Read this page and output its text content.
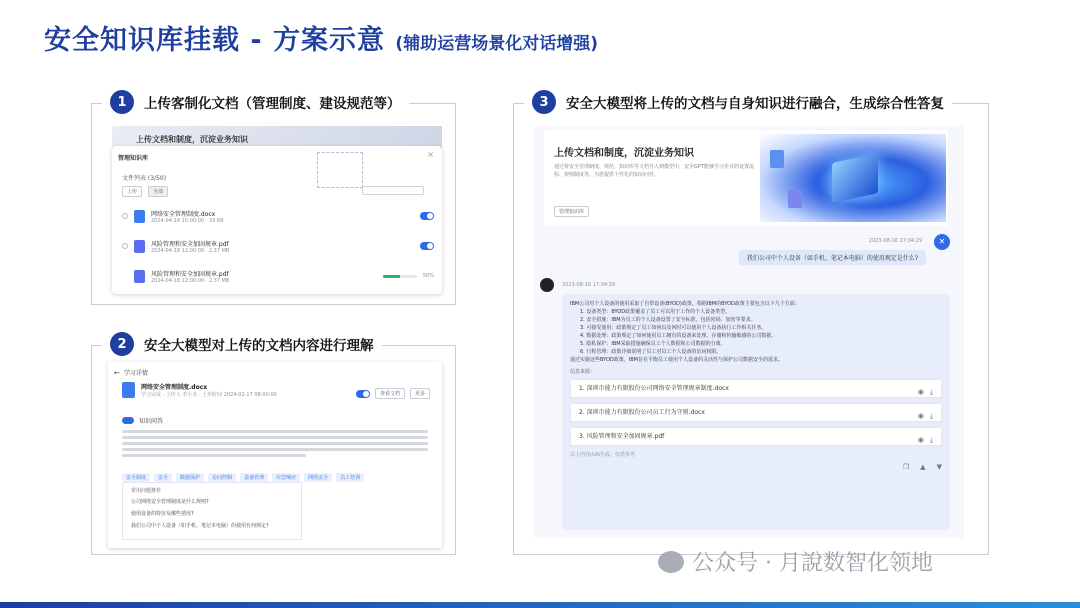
安全知识库挂载 - 方案示意 (辅助运营场景化对话增强)
1	上传客制化文档（管理制度、建设规范等）
上传文档和制度，沉淀业务知识
管理知识库	×
文件列表 (3/50)
上传	全部
网络安全管理制度.docx
2024-04-18 15:00:00 · 33 KB
风险管理和安全加固规章.pdf
2024-04-18 12:00:00 · 2.37 MB
风险管理和安全加固规章.pdf
2024-04-18 12:00:00 · 2.37 MB
50%
2	安全大模型对上传的文档内容进行理解
← 学习详情
网络安全管理制度.docx
学习完成 · 上传人 李小名 · 上传时间 2024-02-17 08:00:00	查看文档	更多
知识问答
安全制度 安全 数据保护 访问控制 设备管理 应急响应 网络安全 员工培训
常用问题推荐
公司网络安全管理制度是什么规则?
使用设备的特征及哪些情况?
我们公司中个人设备（如手机、笔记本电脑）的使用有何规定?
3	安全大模型将上传的文档与自身知识进行融合，生成综合性答复
上传文档和制度，沉淀业务知识
通过将安全管理制度、规范，知识库等文档导入到模型中，安全GPT能够学习企业的处置流程、规则制度等，为您提供个性化的知识问答。
管理知识库
2023-08-16 17:04:29	✕
我们公司中个人设备（如手机、笔记本电脑）的使用规定是什么?
2023-08-16 17:04:29
IBM公司对个人设备的使用采取了自带设备(BYOD)政策。根据IBM的BYOD政策主要包含以下几个方面：
1. 设备类型：BYOD政策覆盖了员工可以用于工作的个人设备类型。
2. 安全措施：IBM为员工的个人设备设置了安全标准，包括密码、加密等要求。
3. 可接受使用：政策规定了员工如何以及何时可以使用个人设备执行工作相关任务。
4. 数据处理：政策规定了如何使用员工拥有的设备来处理、存储和传输敏感的公司数据。
5. 隐私保护：IBM采取措施确保员工个人数据和公司数据的分离。
6. 行程管理：政策详细说明了员工对员工个人设备的访问权限。
通过实施这些BYOD政策，IBM旨在平衡员工使用个人设备的灵活性与保护公司数据安全的需求。
信息来源：
1. 深圳市能力有限股份公司网络安全管理规章制度.docx	◉ ⤓
2. 深圳市能力有限股份公司员工行为守则.docx	◉ ⤓
3. 风险管理和安全加固规章.pdf	◉ ⤓
以上内容由AI生成，仅供参考
❐ ▲ ▼
公众号 · 月說数智化领地
